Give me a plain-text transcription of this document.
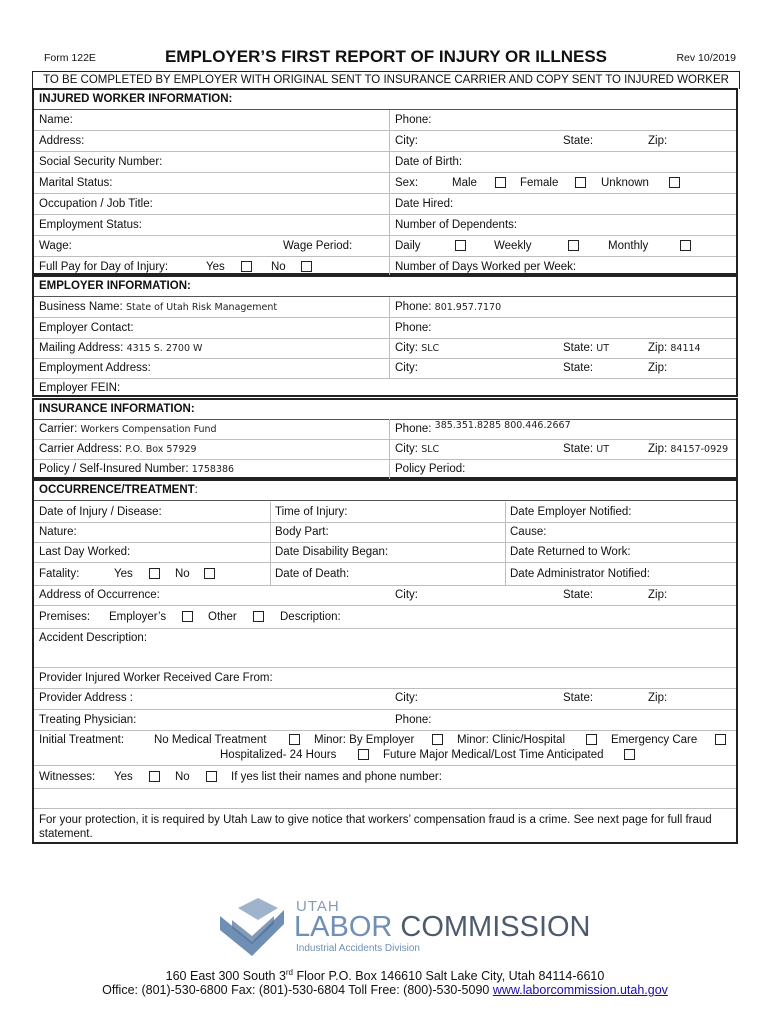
Form 122E	EMPLOYER’S FIRST REPORT OF INJURY OR ILLNESS	Rev 10/2019
TO BE COMPLETED BY EMPLOYER WITH ORIGINAL SENT TO INSURANCE CARRIER AND COPY SENT TO INJURED WORKER
INJURED WORKER INFORMATION:
Name:	Phone:
Address:	City:	State:	Zip:
Social Security Number:	Date of Birth:
Marital Status:	Sex:	Male	Female	Unknown
Occupation / Job Title:	Date Hired:
Employment Status:	Number of Dependents:
Wage:	Wage Period:	Daily	Weekly	Monthly
Full Pay for Day of Injury:	Yes	No	Number of Days Worked per Week:
EMPLOYER INFORMATION:
Business Name: State of Utah Risk Management	Phone: 801.957.7170
Employer Contact:	Phone:
Mailing Address: 4315 S. 2700 W	City: SLC	State: UT	Zip: 84114
Employment Address:	City:	State:	Zip:
Employer FEIN:
INSURANCE INFORMATION:
Carrier: Workers Compensation Fund	Phone: $^{385.351.8285 800.446.2667}$
Carrier Address: P.O. Box 57929	City: SLC	State: UT	Zip: 84157-0929
Policy / Self-Insured Number: 1758386	Policy Period:
OCCURRENCE/TREATMENT:
Date of Injury / Disease:	Time of Injury:	Date Employer Notified:
Nature:	Body Part:	Cause:
Last Day Worked:	Date Disability Began:	Date Returned to Work:
Fatality:	Yes	No	Date of Death:	Date Administrator Notified:
Address of Occurrence:	City:	State:	Zip:
Premises: Employer’s	Other	Description:
Accident Description:
Provider Injured Worker Received Care From:
Provider Address :	City:	State:	Zip:
Treating Physician:	Phone:
Initial Treatment:	No Medical Treatment	Minor: By Employer	Minor: Clinic/Hospital	Emergency Care
Hospitalized- 24 Hours	Future Major Medical/Lost Time Anticipated
Witnesses: Yes	No	If yes list their names and phone number:
For your protection, it is required by Utah Law to give notice that workers’ compensation fraud is a crime. See next page for full fraud statement.
UTAH
LABOR COMMISSION
Industrial Accidents Division
160 East 300 South 3rd Floor P.O. Box 146610 Salt Lake City, Utah 84114-6610
Office: (801)-530-6800 Fax: (801)-530-6804 Toll Free: (800)-530-5090 www.laborcommission.utah.gov
